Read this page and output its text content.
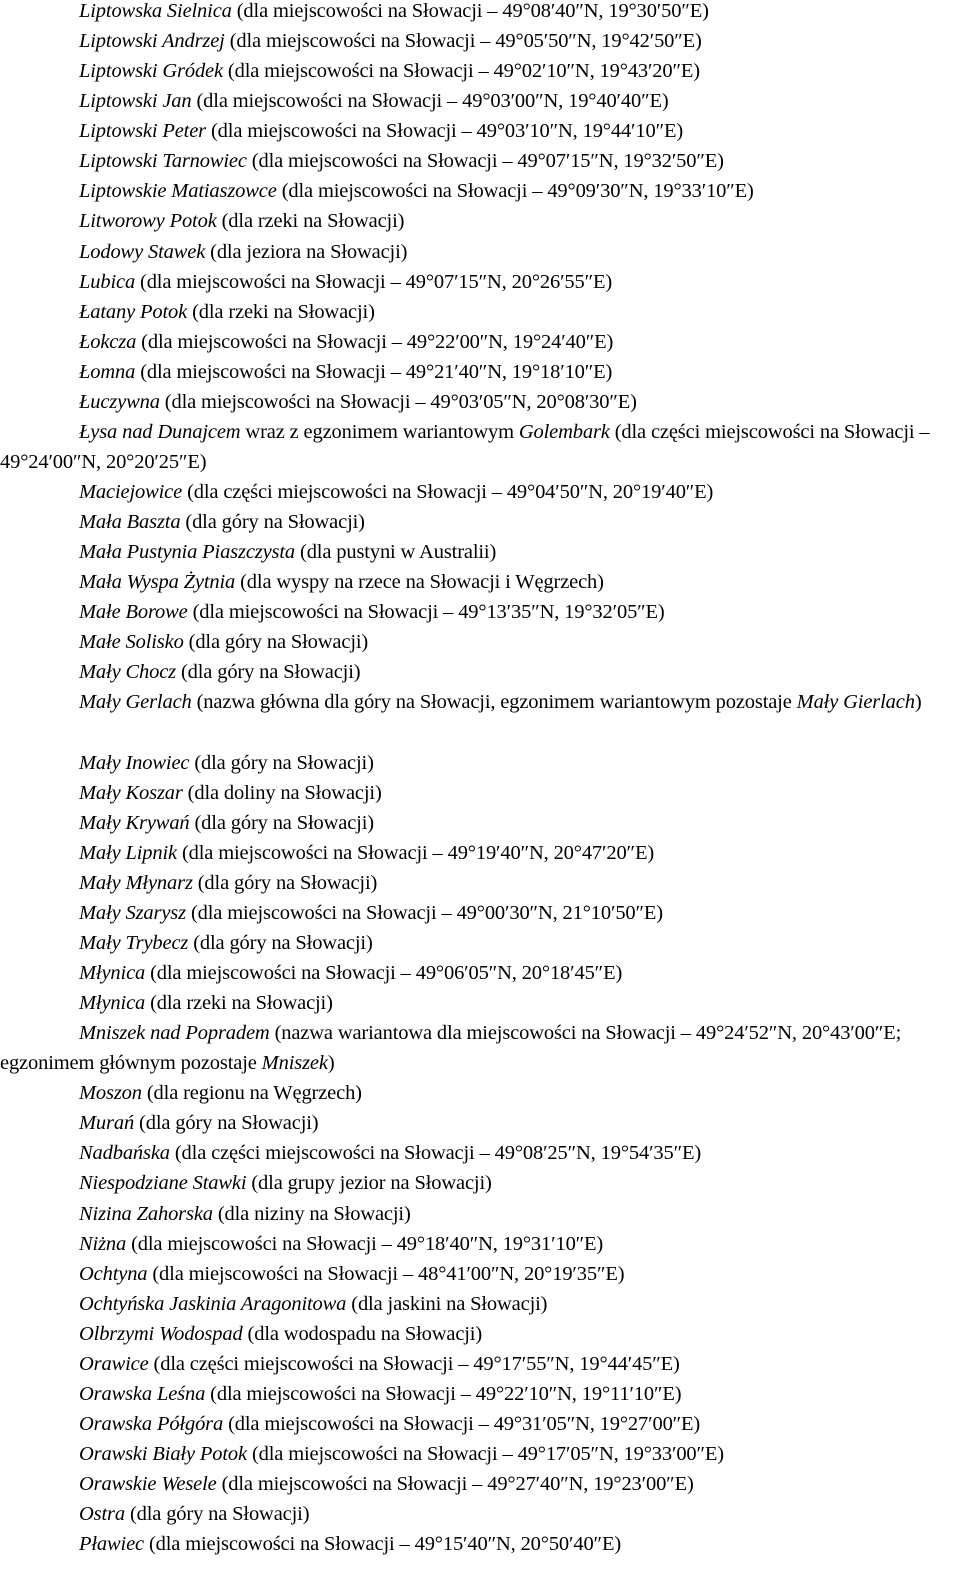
Liptowska Sielnica (dla miejscowości na Słowacji – 49°08′40″N, 19°30′50″E)
Liptowski Andrzej (dla miejscowości na Słowacji – 49°05′50″N, 19°42′50″E)
Liptowski Gródek (dla miejscowości na Słowacji – 49°02′10″N, 19°43′20″E)
Liptowski Jan (dla miejscowości na Słowacji – 49°03′00″N, 19°40′40″E)
Liptowski Peter (dla miejscowości na Słowacji – 49°03′10″N, 19°44′10″E)
Liptowski Tarnowiec (dla miejscowości na Słowacji – 49°07′15″N, 19°32′50″E)
Liptowskie Matiaszowce (dla miejscowości na Słowacji – 49°09′30″N, 19°33′10″E)
Litworowy Potok (dla rzeki na Słowacji)
Lodowy Stawek (dla jeziora na Słowacji)
Lubica (dla miejscowości na Słowacji – 49°07′15″N, 20°26′55″E)
Łatany Potok (dla rzeki na Słowacji)
Łokcza (dla miejscowości na Słowacji – 49°22′00″N, 19°24′40″E)
Łomna (dla miejscowości na Słowacji – 49°21′40″N, 19°18′10″E)
Łuczywna (dla miejscowości na Słowacji – 49°03′05″N, 20°08′30″E)
Łysa nad Dunajcem wraz z egzonimem wariantowym Golembark (dla części miejscowości na Słowacji – 49°24′00″N, 20°20′25″E)
Maciejowice (dla części miejscowości na Słowacji – 49°04′50″N, 20°19′40″E)
Mała Baszta (dla góry na Słowacji)
Mała Pustynia Piaszczysta (dla pustyni w Australii)
Mała Wyspa Żytnia (dla wyspy na rzece na Słowacji i Węgrzech)
Małe Borowe (dla miejscowości na Słowacji – 49°13′35″N, 19°32′05″E)
Małe Solisko (dla góry na Słowacji)
Mały Chocz (dla góry na Słowacji)
Mały Gerlach (nazwa główna dla góry na Słowacji, egzonimem wariantowym pozostaje Mały Gierlach)
Mały Inowiec (dla góry na Słowacji)
Mały Koszar (dla doliny na Słowacji)
Mały Krywań (dla góry na Słowacji)
Mały Lipnik (dla miejscowości na Słowacji – 49°19′40″N, 20°47′20″E)
Mały Młynarz (dla góry na Słowacji)
Mały Szarysz (dla miejscowości na Słowacji – 49°00′30″N, 21°10′50″E)
Mały Trybecz (dla góry na Słowacji)
Młynica (dla miejscowości na Słowacji – 49°06′05″N, 20°18′45″E)
Młynica (dla rzeki na Słowacji)
Mniszek nad Popradem (nazwa wariantowa dla miejscowości na Słowacji – 49°24′52″N, 20°43′00″E; egzonimem głównym pozostaje Mniszek)
Moszon (dla regionu na Węgrzech)
Murań (dla góry na Słowacji)
Nadbańska (dla części miejscowości na Słowacji – 49°08′25″N, 19°54′35″E)
Niespodziane Stawki (dla grupy jezior na Słowacji)
Nizina Zahorska (dla niziny na Słowacji)
Niżna (dla miejscowości na Słowacji – 49°18′40″N, 19°31′10″E)
Ochtyna (dla miejscowości na Słowacji – 48°41′00″N, 20°19′35″E)
Ochtyńska Jaskinia Aragonitowa (dla jaskini na Słowacji)
Olbrzymi Wodospad (dla wodospadu na Słowacji)
Orawice (dla części miejscowości na Słowacji – 49°17′55″N, 19°44′45″E)
Orawska Leśna (dla miejscowości na Słowacji – 49°22′10″N, 19°11′10″E)
Orawska Półgóra (dla miejscowości na Słowacji – 49°31′05″N, 19°27′00″E)
Orawski Biały Potok (dla miejscowości na Słowacji – 49°17′05″N, 19°33′00″E)
Orawskie Wesele (dla miejscowości na Słowacji – 49°27′40″N, 19°23′00″E)
Ostra (dla góry na Słowacji)
Pławiec (dla miejscowości na Słowacji – 49°15′40″N, 20°50′40″E)
